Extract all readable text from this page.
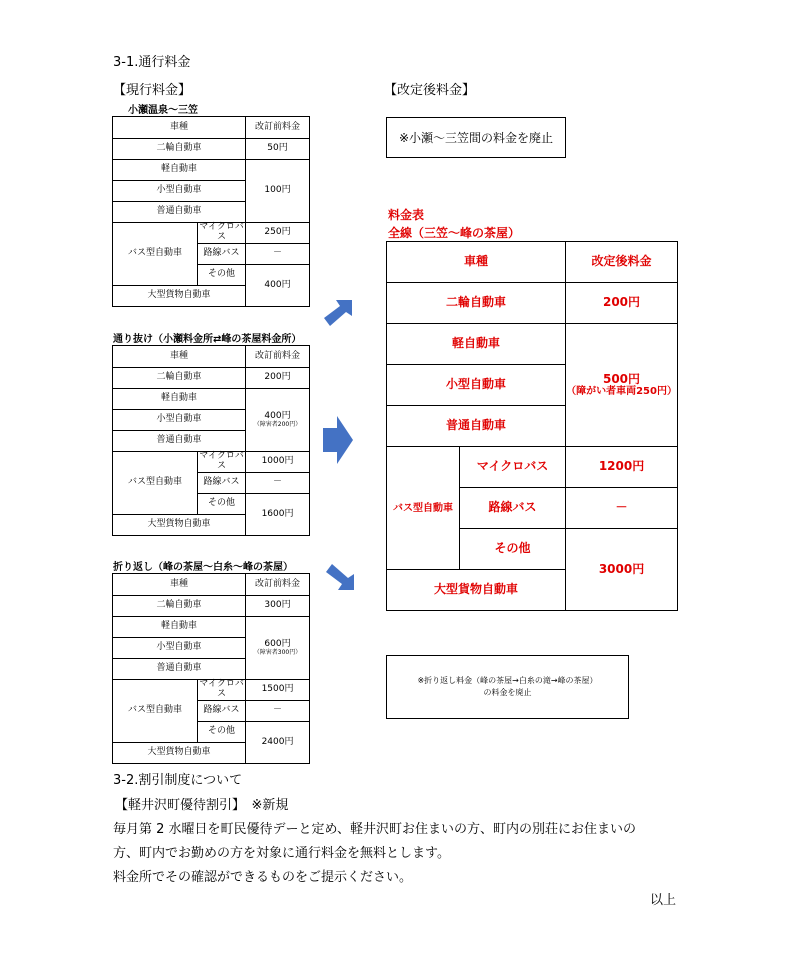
3-1.通行料金
【現行料金】	【改定後料金】
小瀬温泉～三笠
車種		改訂前料金
二輪自動車		50円
軽自動車		100円
小型自動車		
普通自動車		
バス型自動車	マイクロバス	250円
	路線バス	－
	その他	400円
大型貨物自動車		
通り抜け（小瀬料金所⇄峰の茶屋料金所）
車種		改訂前料金
二輪自動車		200円
軽自動車		400円
（障害者200円）

小型自動車		
普通自動車		
バス型自動車	マイクロバス	1000円
	路線バス	－
	その他	1600円
大型貨物自動車		
折り返し（峰の茶屋～白糸～峰の茶屋）
車種		改訂前料金
二輪自動車		300円
軽自動車		600円
（障害者300円）

小型自動車		
普通自動車		
バス型自動車	マイクロバス	1500円
	路線バス	－
	その他	2400円
大型貨物自動車		
※小瀬～三笠間の料金を廃止
料金表
全線（三笠～峰の茶屋）
車種		改定後料金
二輪自動車		200円
軽自動車		500円
（障がい者車両250円）

小型自動車		
普通自動車		
バス型自動車	マイクロバス	1200円
	路線バス	－
	その他	3000円
大型貨物自動車		
※折り返し料金（峰の茶屋→白糸の滝→峰の茶屋）
の料金を廃止
3-2.割引制度について
【軽井沢町優待割引】　※新規
毎月第 2 水曜日を町民優待デーと定め、軽井沢町お住まいの方、町内の別荘にお住まいの
方、町内でお勤めの方を対象に通行料金を無料とします。
料金所でその確認ができるものをご提示ください。
以上
